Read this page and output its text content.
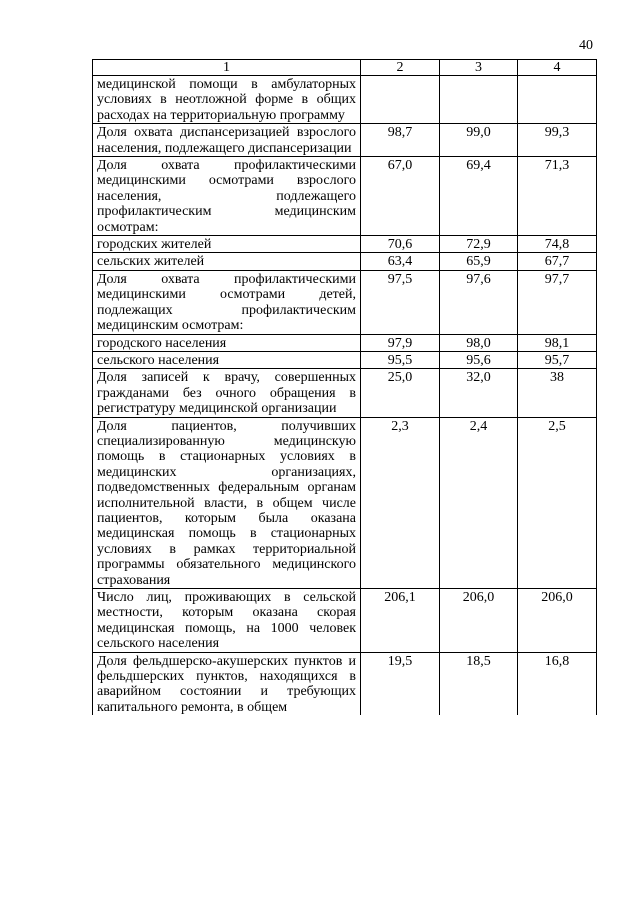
40
1	2	3	4
медицинской помощи в амбулаторных условиях в неотложной форме в общих расходах на территориальную программу			
Доля охвата диспансеризацией взрослого населения, подлежащего диспансеризации	98,7	99,0	99,3
Доля охвата профилактическими медицинскими осмотрами взрослого населения, подлежащего профилактическим медицинским осмотрам:	67,0	69,4	71,3
городских жителей	70,6	72,9	74,8
сельских жителей	63,4	65,9	67,7
Доля охвата профилактическими медицинскими осмотрами детей, подлежащих профилактическим медицинским осмотрам:	97,5	97,6	97,7
городского населения	97,9	98,0	98,1
сельского населения	95,5	95,6	95,7
Доля записей к врачу, совершенных гражданами без очного обращения в регистратуру медицинской организации	25,0	32,0	38
Доля пациентов, получивших специализированную медицинскую помощь в стационарных условиях в медицинских организациях, подведомственных федеральным органам исполнительной власти, в общем числе пациентов, которым была оказана медицинская помощь в стационарных условиях в рамках территориальной программы обязательного медицинского страхования	2,3	2,4	2,5
Число лиц, проживающих в сельской местности, которым оказана скорая медицинская помощь, на 1000 человек сельского населения	206,1	206,0	206,0
Доля фельдшерско-акушерских пунктов и фельдшерских пунктов, находящихся в аварийном состоянии и требующих капитального ремонта, в общем	19,5	18,5	16,8
